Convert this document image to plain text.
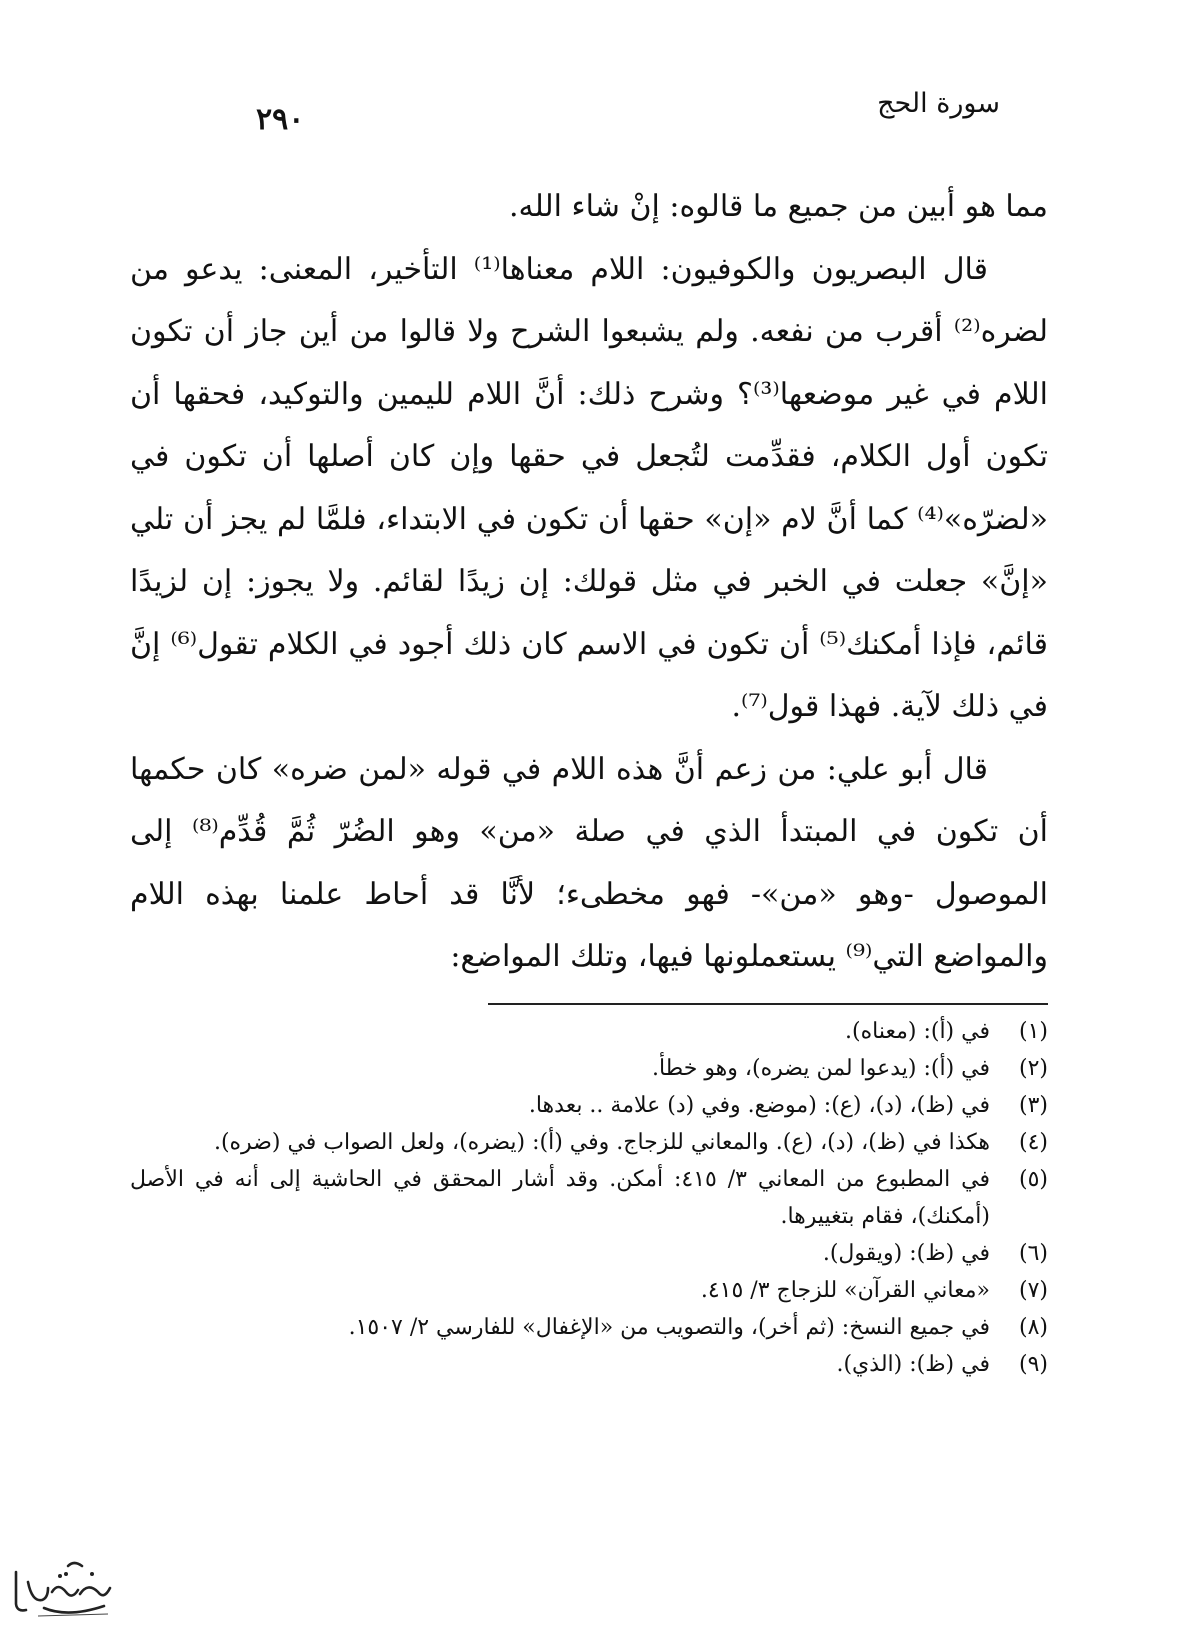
٢٩٠	سورة الحج

مما هو أبين من جميع ما قالوه: إنْ شاء الله.

قال البصريون والكوفيون: اللام معناها⁽¹⁾ التأخير، المعنى: يدعو من لضره⁽²⁾ أقرب من نفعه. ولم يشبعوا الشرح ولا قالوا من أين جاز أن تكون اللام في غير موضعها⁽³⁾؟ وشرح ذلك: أنَّ اللام لليمين والتوكيد، فحقها أن تكون أول الكلام، فقدِّمت لتُجعل في حقها وإن كان أصلها أن تكون في «لضرّه»⁽⁴⁾ كما أنَّ لام «إن» حقها أن تكون في الابتداء، فلمَّا لم يجز أن تلي «إنَّ» جعلت في الخبر في مثل قولك: إن زيدًا لقائم. ولا يجوز: إن لزيدًا قائم، فإذا أمكنك⁽⁵⁾ أن تكون في الاسم كان ذلك أجود في الكلام تقول⁽⁶⁾ إنَّ في ذلك لآية. فهذا قول⁽⁷⁾.

قال أبو علي: من زعم أنَّ هذه اللام في قوله «لمن ضره» كان حكمها أن تكون في المبتدأ الذي في صلة «من» وهو الضُرّ ثُمَّ قُدِّم⁽⁸⁾ إلى الموصول -وهو «من»- فهو مخطىء؛ لأنَّا قد أحاط علمنا بهذه اللام والمواضع التي⁽⁹⁾ يستعملونها فيها، وتلك المواضع:

(١)
في (أ): (معناه).
(٢)
في (أ): (يدعوا لمن يضره)، وهو خطأ.
(٣)
في (ظ)، (د)، (ع): (موضع. وفي (د) علامة .. بعدها.
(٤)
هكذا في (ظ)، (د)، (ع). والمعاني للزجاج. وفي (أ): (يضره)، ولعل الصواب في (ضره).
(٥)
في المطبوع من المعاني ٣/ ٤١٥: أمكن. وقد أشار المحقق في الحاشية إلى أنه في الأصل (أمكنك)، فقام بتغييرها.
(٦)
في (ظ): (ويقول).
(٧)
«معاني القرآن» للزجاج ٣/ ٤١٥.
(٨)
في جميع النسخ: (ثم أخر)، والتصويب من «الإغفال» للفارسي ٢/ ١٥٠٧.
(٩)
في (ظ): (الذي).
